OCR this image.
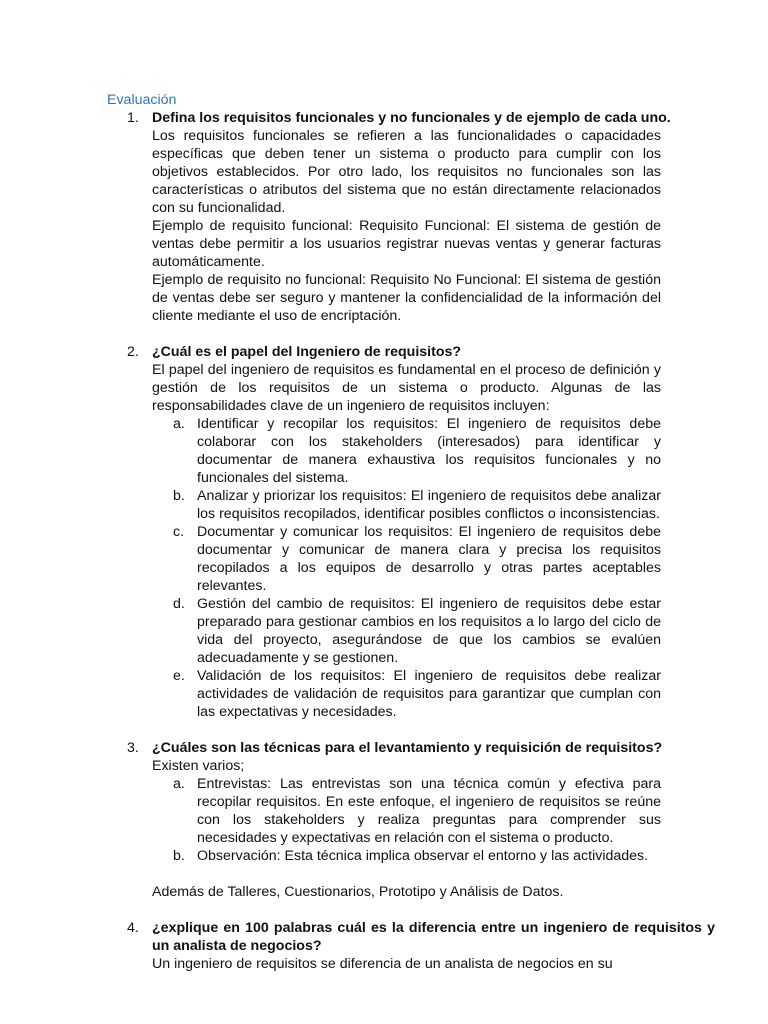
Evaluación
1. Defina los requisitos funcionales y no funcionales y de ejemplo de cada uno.
Los requisitos funcionales se refieren a las funcionalidades o capacidades específicas que deben tener un sistema o producto para cumplir con los objetivos establecidos. Por otro lado, los requisitos no funcionales son las características o atributos del sistema que no están directamente relacionados con su funcionalidad.
Ejemplo de requisito funcional: Requisito Funcional: El sistema de gestión de ventas debe permitir a los usuarios registrar nuevas ventas y generar facturas automáticamente.
Ejemplo de requisito no funcional: Requisito No Funcional: El sistema de gestión de ventas debe ser seguro y mantener la confidencialidad de la información del cliente mediante el uso de encriptación.
2. ¿Cuál es el papel del Ingeniero de requisitos?
El papel del ingeniero de requisitos es fundamental en el proceso de definición y gestión de los requisitos de un sistema o producto. Algunas de las responsabilidades clave de un ingeniero de requisitos incluyen:
a. Identificar y recopilar los requisitos: El ingeniero de requisitos debe colaborar con los stakeholders (interesados) para identificar y documentar de manera exhaustiva los requisitos funcionales y no funcionales del sistema.
b. Analizar y priorizar los requisitos: El ingeniero de requisitos debe analizar los requisitos recopilados, identificar posibles conflictos o inconsistencias.
c. Documentar y comunicar los requisitos: El ingeniero de requisitos debe documentar y comunicar de manera clara y precisa los requisitos recopilados a los equipos de desarrollo y otras partes aceptables relevantes.
d. Gestión del cambio de requisitos: El ingeniero de requisitos debe estar preparado para gestionar cambios en los requisitos a lo largo del ciclo de vida del proyecto, asegurándose de que los cambios se evalúen adecuadamente y se gestionen.
e. Validación de los requisitos: El ingeniero de requisitos debe realizar actividades de validación de requisitos para garantizar que cumplan con las expectativas y necesidades.
3. ¿Cuáles son las técnicas para el levantamiento y requisición de requisitos?
Existen varios;
a. Entrevistas: Las entrevistas son una técnica común y efectiva para recopilar requisitos. En este enfoque, el ingeniero de requisitos se reúne con los stakeholders y realiza preguntas para comprender sus necesidades y expectativas en relación con el sistema o producto.
b. Observación: Esta técnica implica observar el entorno y las actividades.
Además de Talleres, Cuestionarios, Prototipo y Análisis de Datos.
4. ¿explique en 100 palabras cuál es la diferencia entre un ingeniero de requisitos y un analista de negocios?
Un ingeniero de requisitos se diferencia de un analista de negocios en su
